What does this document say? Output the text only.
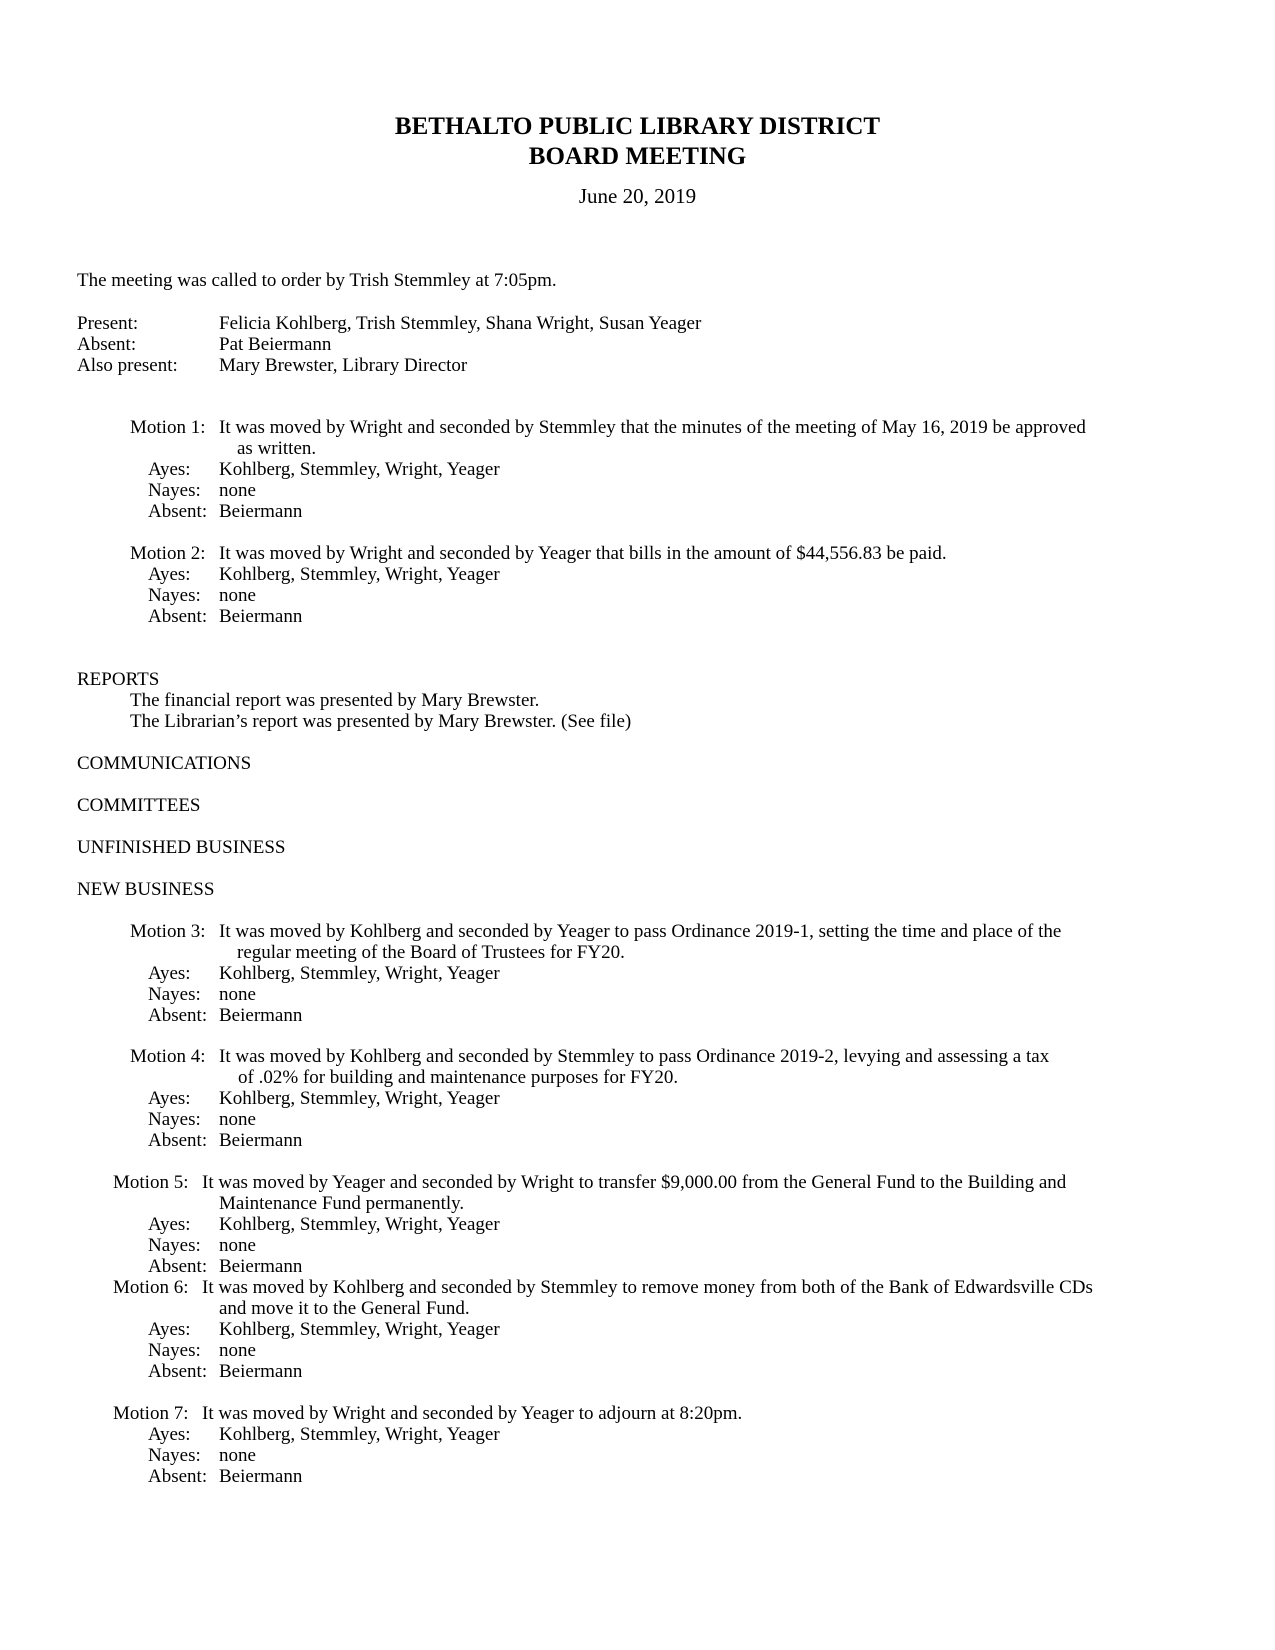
BETHALTO PUBLIC LIBRARY DISTRICT
BOARD MEETING
June 20, 2019
The meeting was called to order by Trish Stemmley at 7:05pm.
Present:	Felicia Kohlberg, Trish Stemmley, Shana Wright, Susan Yeager
Absent:	Pat Beiermann
Also present: Mary Brewster, Library Director
Motion 1: It was moved by Wright and seconded by Stemmley that the minutes of the meeting of May 16, 2019 be approved
as written.
Ayes: Kohlberg, Stemmley, Wright, Yeager
Nayes: none
Absent: Beiermann
Motion 2: It was moved by Wright and seconded by Yeager that bills in the amount of $44,556.83 be paid.
Ayes: Kohlberg, Stemmley, Wright, Yeager
Nayes: none
Absent: Beiermann
REPORTS
The financial report was presented by Mary Brewster.
The Librarian’s report was presented by Mary Brewster. (See file)
COMMUNICATIONS
COMMITTEES
UNFINISHED BUSINESS
NEW BUSINESS
Motion 3: It was moved by Kohlberg and seconded by Yeager to pass Ordinance 2019-1, setting the time and place of the
regular meeting of the Board of Trustees for FY20.
Ayes: Kohlberg, Stemmley, Wright, Yeager
Nayes: none
Absent: Beiermann
Motion 4: It was moved by Kohlberg and seconded by Stemmley to pass Ordinance 2019-2, levying and assessing a tax
of .02% for building and maintenance purposes for FY20.
Ayes: Kohlberg, Stemmley, Wright, Yeager
Nayes: none
Absent: Beiermann
Motion 5: It was moved by Yeager and seconded by Wright to transfer $9,000.00 from the General Fund to the Building and
Maintenance Fund permanently.
Ayes: Kohlberg, Stemmley, Wright, Yeager
Nayes: none
Absent: Beiermann
Motion 6: It was moved by Kohlberg and seconded by Stemmley to remove money from both of the Bank of Edwardsville CDs
and move it to the General Fund.
Ayes: Kohlberg, Stemmley, Wright, Yeager
Nayes: none
Absent: Beiermann
Motion 7: It was moved by Wright and seconded by Yeager to adjourn at 8:20pm.
Ayes: Kohlberg, Stemmley, Wright, Yeager
Nayes: none
Absent: Beiermann
